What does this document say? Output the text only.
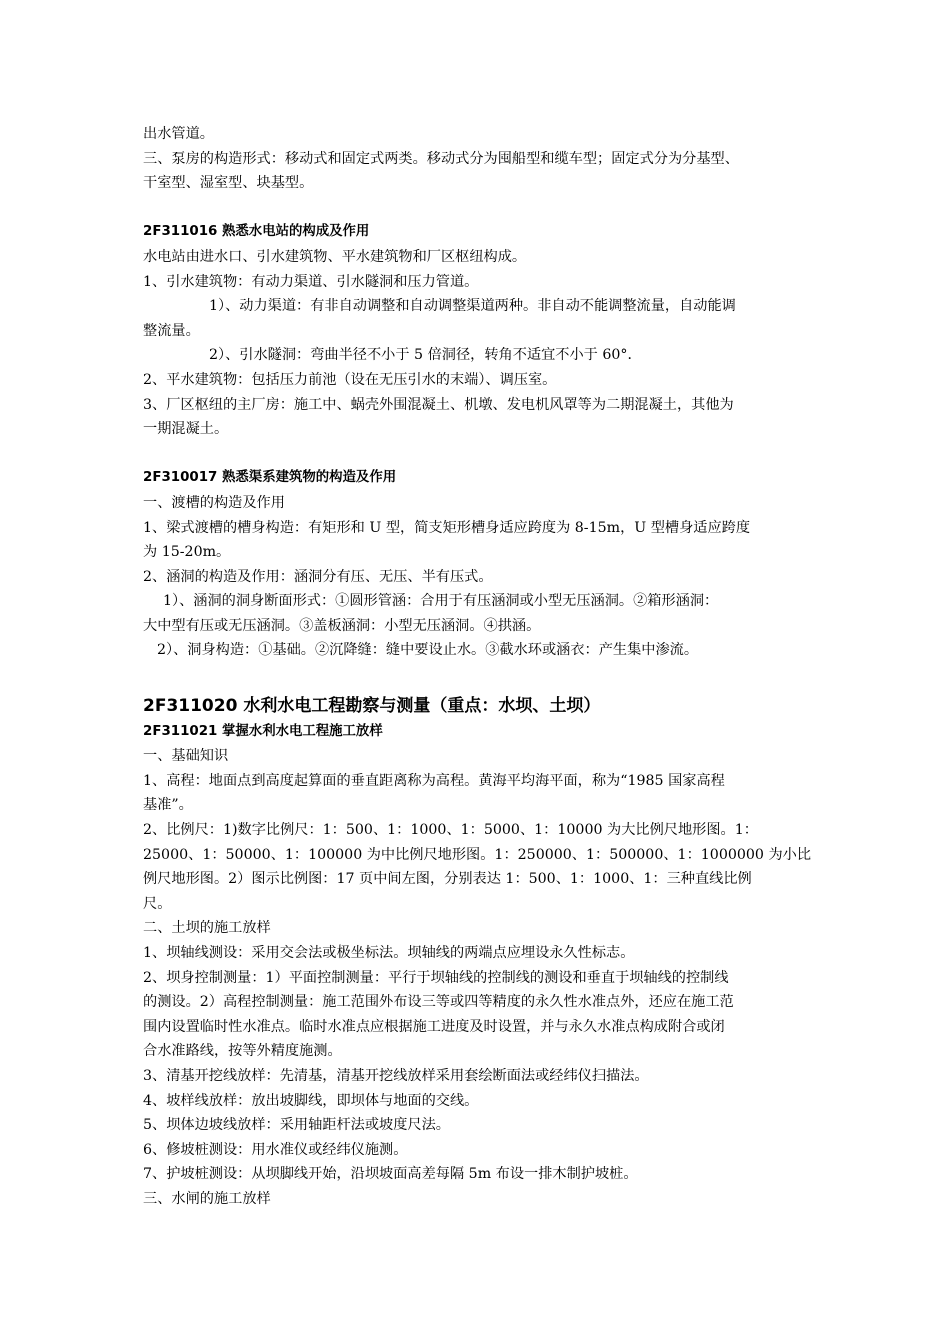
出水管道。
三、泵房的构造形式：移动式和固定式两类。移动式分为囤船型和缆车型；固定式分为分基型、
干室型、湿室型、块基型。
2F311016 熟悉水电站的构成及作用
水电站由进水口、引水建筑物、平水建筑物和厂区枢纽构成。
1、引水建筑物：有动力渠道、引水隧洞和压力管道。
1）、动力渠道：有非自动调整和自动调整渠道两种。非自动不能调整流量，自动能调
整流量。
2）、引水隧洞：弯曲半径不小于 5 倍洞径，转角不适宜不小于 60°．
2、平水建筑物：包括压力前池（设在无压引水的末端）、调压室。
3、厂区枢纽的主厂房：施工中、蜗壳外围混凝土、机墩、发电机风罩等为二期混凝土，其他为
一期混凝土。
2F310017 熟悉渠系建筑物的构造及作用
一、渡槽的构造及作用
1、梁式渡槽的槽身构造：有矩形和 U 型，简支矩形槽身适应跨度为 8-15m，U 型槽身适应跨度
为 15-20m。
2、涵洞的构造及作用：涵洞分有压、无压、半有压式。
1）、涵洞的洞身断面形式：①圆形管涵：合用于有压涵洞或小型无压涵洞。②箱形涵洞：
大中型有压或无压涵洞。③盖板涵洞：小型无压涵洞。④拱涵。
2）、洞身构造：①基础。②沉降缝：缝中要设止水。③截水环或涵衣：产生集中渗流。
2F311020 水利水电工程勘察与测量（重点：水坝、土坝）
2F311021 掌握水利水电工程施工放样
一、基础知识
1、高程：地面点到高度起算面的垂直距离称为高程。黄海平均海平面，称为“1985 国家高程
基准”。
2、比例尺：1)数字比例尺：1：500、1：1000、1：5000、1：10000 为大比例尺地形图。1：
25000、1：50000、1：100000 为中比例尺地形图。1：250000、1：500000、1：1000000 为小比
例尺地形图。2）图示比例图：17 页中间左图，分别表达 1：500、1：1000、1：三种直线比例
尺。
二、土坝的施工放样
1、坝轴线测设：采用交会法或极坐标法。坝轴线的两端点应埋设永久性标志。
2、坝身控制测量：1）平面控制测量：平行于坝轴线的控制线的测设和垂直于坝轴线的控制线
的测设。2）高程控制测量：施工范围外布设三等或四等精度的永久性水准点外，还应在施工范
围内设置临时性水准点。临时水准点应根据施工进度及时设置，并与永久水准点构成附合或闭
合水准路线，按等外精度施测。
3、清基开挖线放样：先清基，清基开挖线放样采用套绘断面法或经纬仪扫描法。
4、坡样线放样：放出坡脚线，即坝体与地面的交线。
5、坝体边坡线放样：采用轴距杆法或坡度尺法。
6、修坡桩测设：用水准仪或经纬仪施测。
7、护坡桩测设：从坝脚线开始，沿坝坡面高差每隔 5m 布设一排木制护坡桩。
三、水闸的施工放样
